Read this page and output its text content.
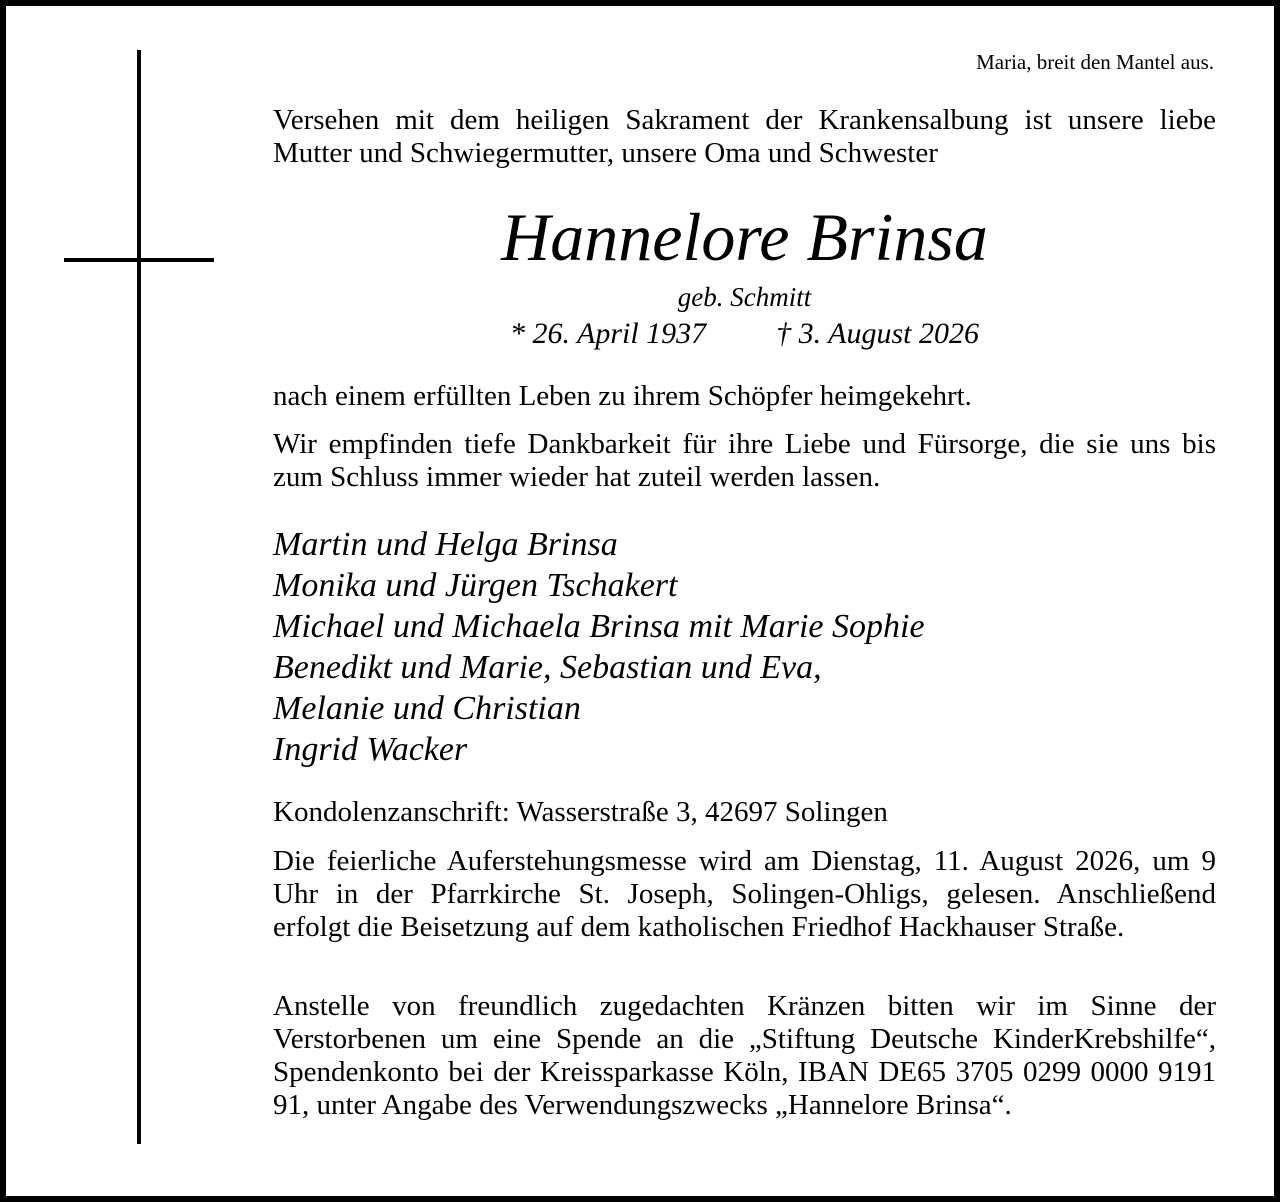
Maria, breit den Mantel aus.

Versehen mit dem heiligen Sakrament der Krankensalbung ist unsere liebe Mutter und Schwiegermutter, unsere Oma und Schwester

Hannelore Brinsa
geb. Schmitt
* 26. April 1937 † 3. August 2026

nach einem erfüllten Leben zu ihrem Schöpfer heimgekehrt.

Wir empfinden tiefe Dankbarkeit für ihre Liebe und Fürsorge, die sie uns bis zum Schluss immer wieder hat zuteil werden lassen.

Martin und Helga Brinsa
Monika und Jürgen Tschakert
Michael und Michaela Brinsa mit Marie Sophie
Benedikt und Marie, Sebastian und Eva,
Melanie und Christian
Ingrid Wacker

Kondolenzanschrift: Wasserstraße 3, 42697 Solingen

Die feierliche Auferstehungsmesse wird am Dienstag, 11. August 2026, um 9 Uhr in der Pfarrkirche St. Joseph, Solingen-Ohligs, gelesen. Anschließend erfolgt die Beisetzung auf dem katholischen Friedhof Hackhauser Straße.

Anstelle von freundlich zugedachten Kränzen bitten wir im Sinne der Verstorbenen um eine Spende an die „Stiftung Deutsche KinderKrebshilfe“, Spendenkonto bei der Kreissparkasse Köln, IBAN DE65 3705 0299 0000 9191 91, unter Angabe des Verwendungszwecks „Hannelore Brinsa“.
